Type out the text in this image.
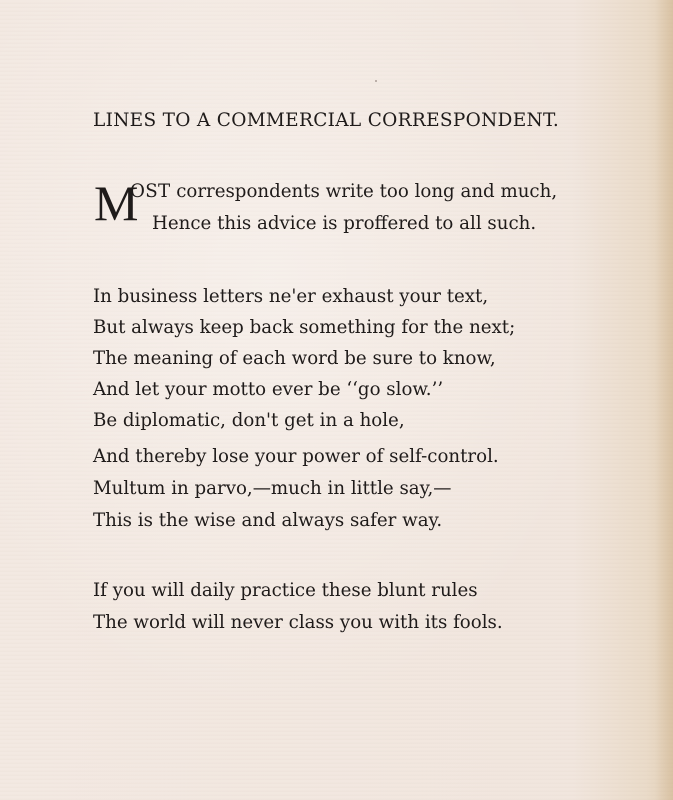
LINES TO A COMMERCIAL CORRESPONDENT.
M
OST correspondents write too long and much,
Hence this advice is proffered to all such.
In business letters ne'er exhaust your text,
But always keep back something for the next;
The meaning of each word be sure to know,
And let your motto ever be ‘‘go slow.’’
Be diplomatic, don't get in a hole,
And thereby lose your power of self-control.
Multum in parvo,—much in little say,—
This is the wise and always safer way.
If you will daily practice these blunt rules
The world will never class you with its fools.
